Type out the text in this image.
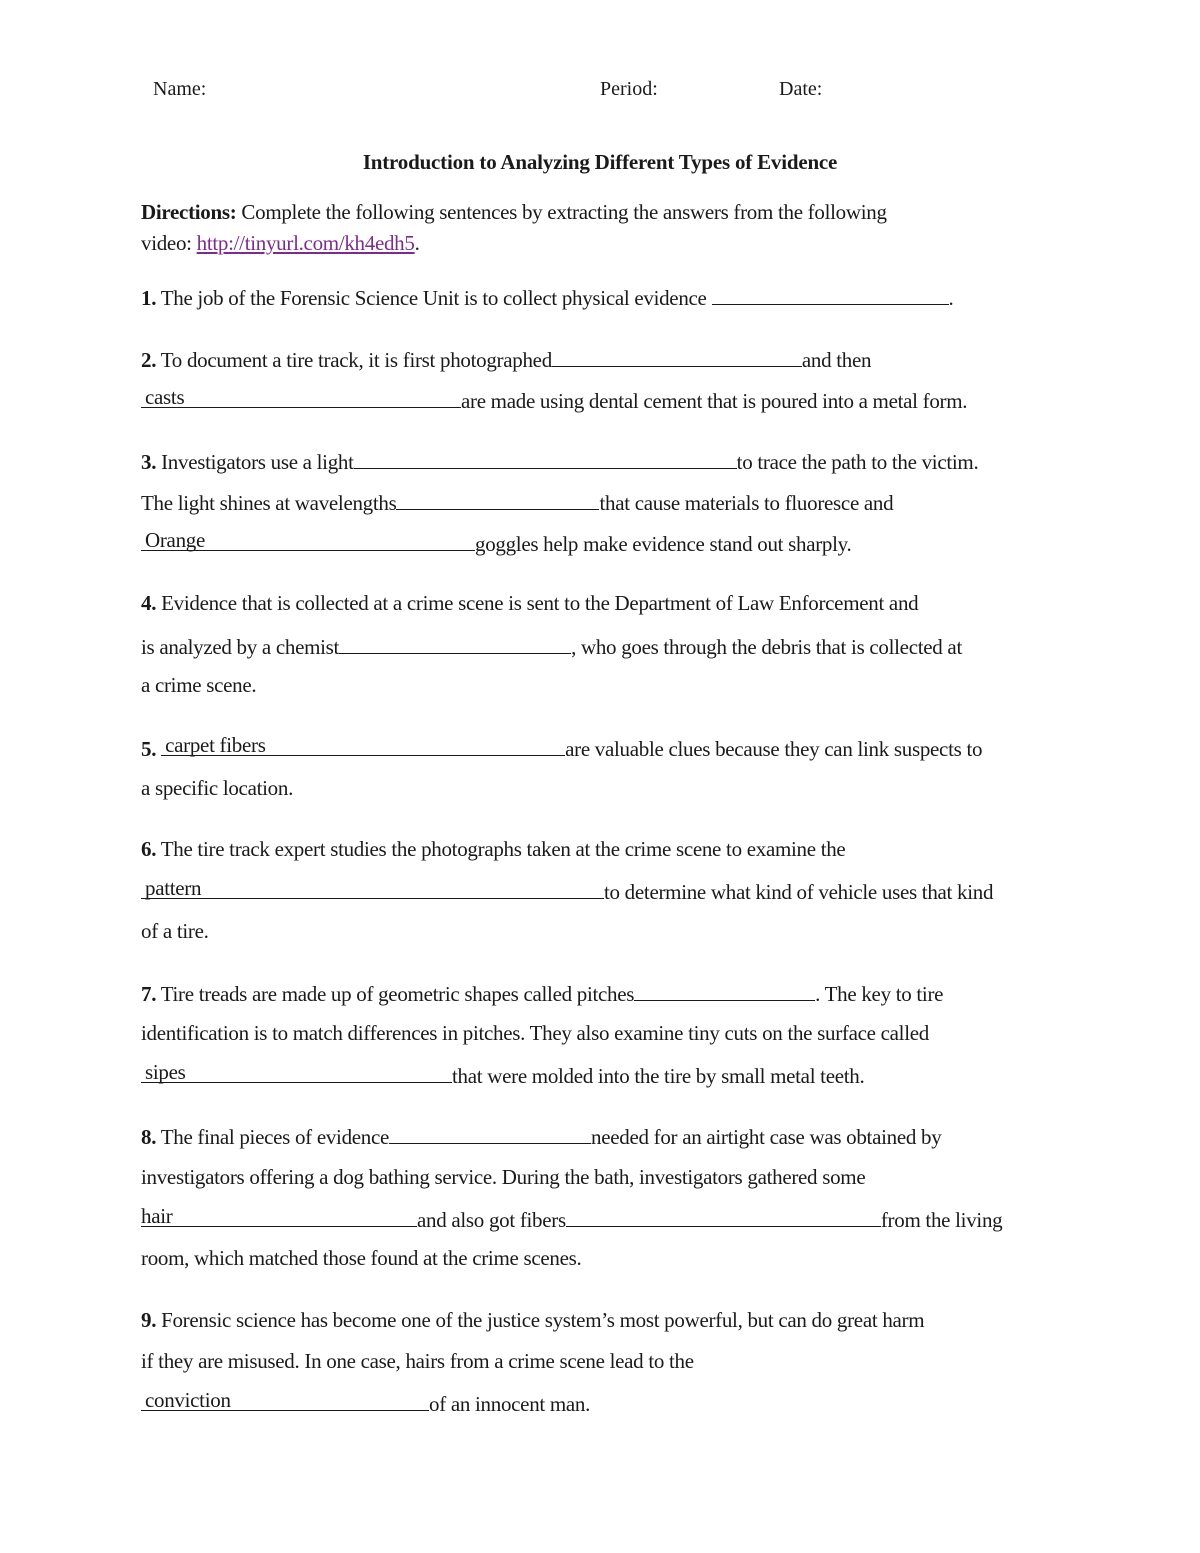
Name:	Period:	Date:
Introduction to Analyzing Different Types of Evidence
Directions: Complete the following sentences by extracting the answers from the following
video: http://tinyurl.com/kh4edh5.
1. The job of the Forensic Science Unit is to collect physical evidence	.
2. To document a tire track, it is first photographed	and then
casts	are made using dental cement that is poured into a metal form.
3. Investigators use a light	to trace the path to the victim.
The light shines at wavelengths	that cause materials to fluoresce and
Orange	goggles help make evidence stand out sharply.
4. Evidence that is collected at a crime scene is sent to the Department of Law Enforcement and
is analyzed by a chemist	, who goes through the debris that is collected at
a crime scene.
5. carpet fibers	are valuable clues because they can link suspects to
a specific location.
6. The tire track expert studies the photographs taken at the crime scene to examine the
pattern	to determine what kind of vehicle uses that kind
of a tire.
7. Tire treads are made up of geometric shapes called pitches	. The key to tire
identification is to match differences in pitches. They also examine tiny cuts on the surface called
sipes	that were molded into the tire by small metal teeth.
8. The final pieces of evidence	needed for an airtight case was obtained by
investigators offering a dog bathing service. During the bath, investigators gathered some
hair	and also got fibers	from the living
room, which matched those found at the crime scenes.
9. Forensic science has become one of the justice system’s most powerful, but can do great harm
if they are misused. In one case, hairs from a crime scene lead to the
conviction	of an innocent man.
